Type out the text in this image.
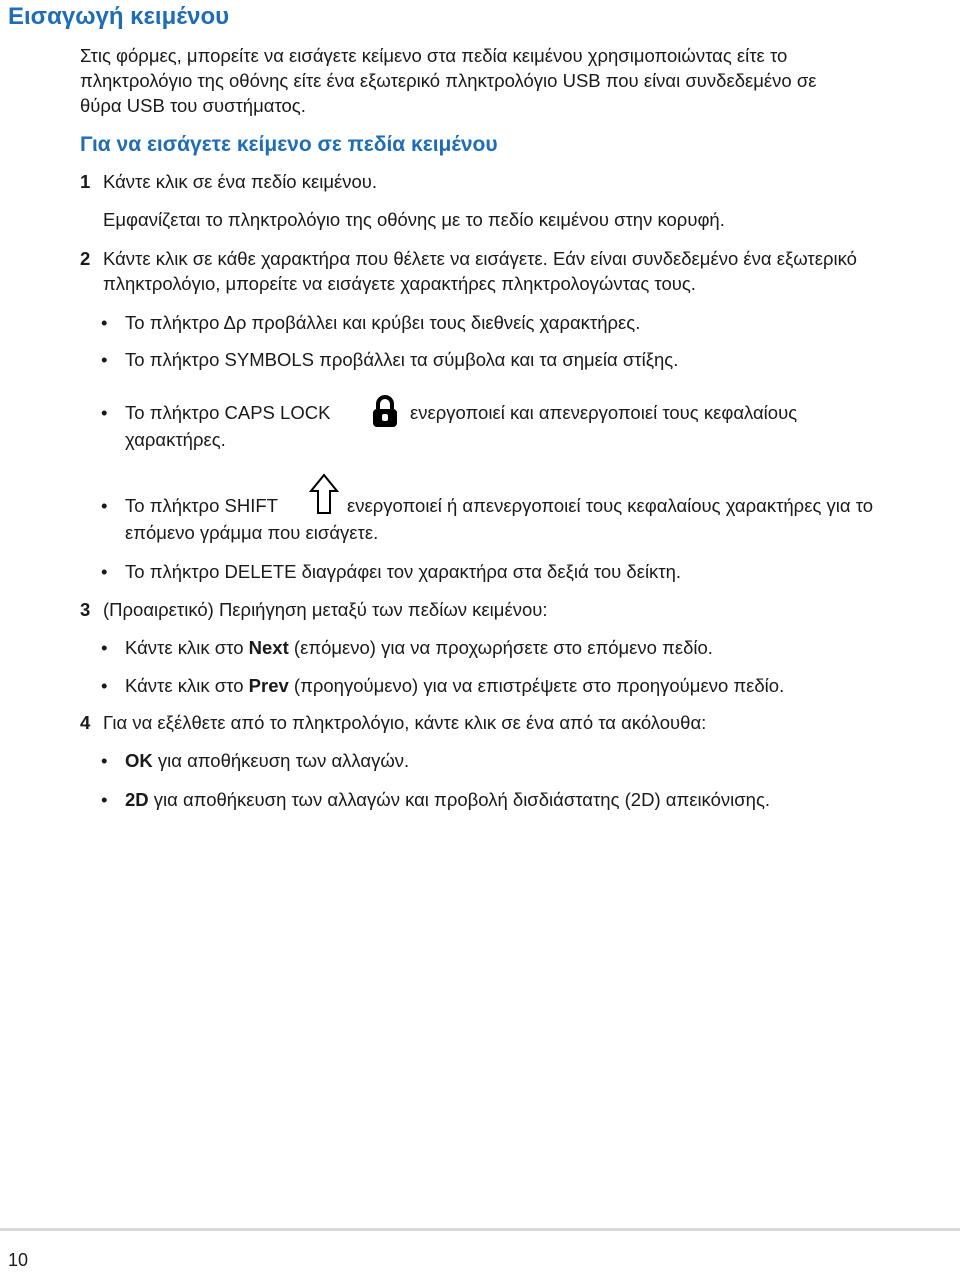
Εισαγωγή κειμένου
Στις φόρμες, μπορείτε να εισάγετε κείμενο στα πεδία κειμένου χρησιμοποιώντας είτε το
πληκτρολόγιο της οθόνης είτε ένα εξωτερικό πληκτρολόγιο USB που είναι συνδεδεμένο σε
θύρα USB του συστήματος.
Για να εισάγετε κείμενο σε πεδία κειμένου
1 Κάντε κλικ σε ένα πεδίο κειμένου.
Εμφανίζεται το πληκτρολόγιο της οθόνης με το πεδίο κειμένου στην κορυφή.
2 Κάντε κλικ σε κάθε χαρακτήρα που θέλετε να εισάγετε. Εάν είναι συνδεδεμένο ένα εξωτερικό
πληκτρολόγιο, μπορείτε να εισάγετε χαρακτήρες πληκτρολογώντας τους.
• Το πλήκτρο Δρ προβάλλει και κρύβει τους διεθνείς χαρακτήρες.
• Το πλήκτρο SYMBOLS προβάλλει τα σύμβολα και τα σημεία στίξης.
• Το πλήκτρο CAPS LOCK	ενεργοποιεί και απενεργοποιεί τους κεφαλαίους
χαρακτήρες.
• Το πλήκτρο SHIFT	ενεργοποιεί ή απενεργοποιεί τους κεφαλαίους χαρακτήρες για το
επόμενο γράμμα που εισάγετε.
• Το πλήκτρο DELETE διαγράφει τον χαρακτήρα στα δεξιά του δείκτη.
3 (Προαιρετικό) Περιήγηση μεταξύ των πεδίων κειμένου:
• Κάντε κλικ στο Next (επόμενο) για να προχωρήσετε στο επόμενο πεδίο.
• Κάντε κλικ στο Prev (προηγούμενο) για να επιστρέψετε στο προηγούμενο πεδίο.
4 Για να εξέλθετε από το πληκτρολόγιο, κάντε κλικ σε ένα από τα ακόλουθα:
• OK για αποθήκευση των αλλαγών.
• 2D για αποθήκευση των αλλαγών και προβολή δισδιάστατης (2D) απεικόνισης.
10
